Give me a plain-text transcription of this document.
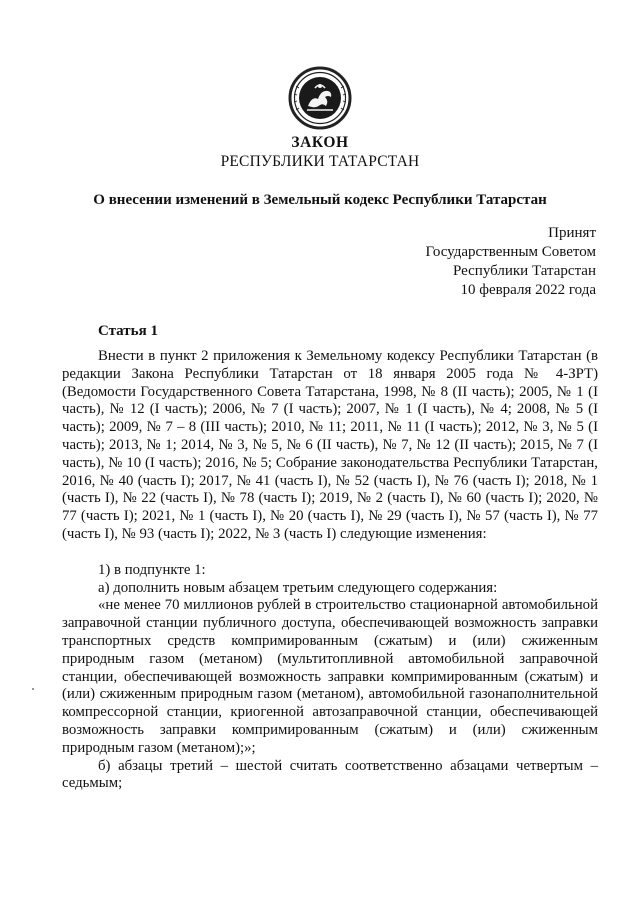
ЗАКОН
РЕСПУБЛИКИ ТАТАРСТАН
О внесении изменений в Земельный кодекс Республики Татарстан
Принят
Государственным Советом
Республики Татарстан
10 февраля 2022 года
Статья 1

Внести в пункт 2 приложения к Земельному кодексу Республики Татарстан (в редакции Закона Республики Татарстан от 18 января 2005 года № 4-ЗРТ) (Ведомости Государственного Совета Татарстана, 1998, № 8 (II часть); 2005, № 1 (I часть), № 12 (I часть); 2006, № 7 (I часть); 2007, № 1 (I часть), № 4; 2008, № 5 (I часть); 2009, № 7 – 8 (III часть); 2010, № 11; 2011, № 11 (I часть); 2012, № 3, № 5 (I часть); 2013, № 1; 2014, № 3, № 5, № 6 (II часть), № 7, № 12 (II часть); 2015, № 7 (I часть), № 10 (I часть); 2016, № 5; Собрание законодательства Республики Татарстан, 2016, № 40 (часть I); 2017, № 41 (часть I), № 52 (часть I), № 76 (часть I); 2018, № 1 (часть I), № 22 (часть I), № 78 (часть I); 2019, № 2 (часть I), № 60 (часть I); 2020, № 77 (часть I); 2021, № 1 (часть I), № 20 (часть I), № 29 (часть I), № 57 (часть I), № 77 (часть I), № 93 (часть I); 2022, № 3 (часть I) следующие изменения:

1) в подпункте 1:

а) дополнить новым абзацем третьим следующего содержания:

«не менее 70 миллионов рублей в строительство стационарной автомобильной заправочной станции публичного доступа, обеспечивающей возможность заправки транспортных средств компримированным (сжатым) и (или) сжиженным природным газом (метаном) (мультитопливной автомобильной заправочной станции, обеспечивающей возможность заправки компримированным (сжатым) и (или) сжиженным природным газом (метаном), автомобильной газонаполнительной компрессорной станции, криогенной автозаправочной станции, обеспечивающей возможность заправки компримированным (сжатым) и (или) сжиженным природным газом (метаном);»;

б) абзацы третий – шестой считать соответственно абзацами четвертым – седьмым;
